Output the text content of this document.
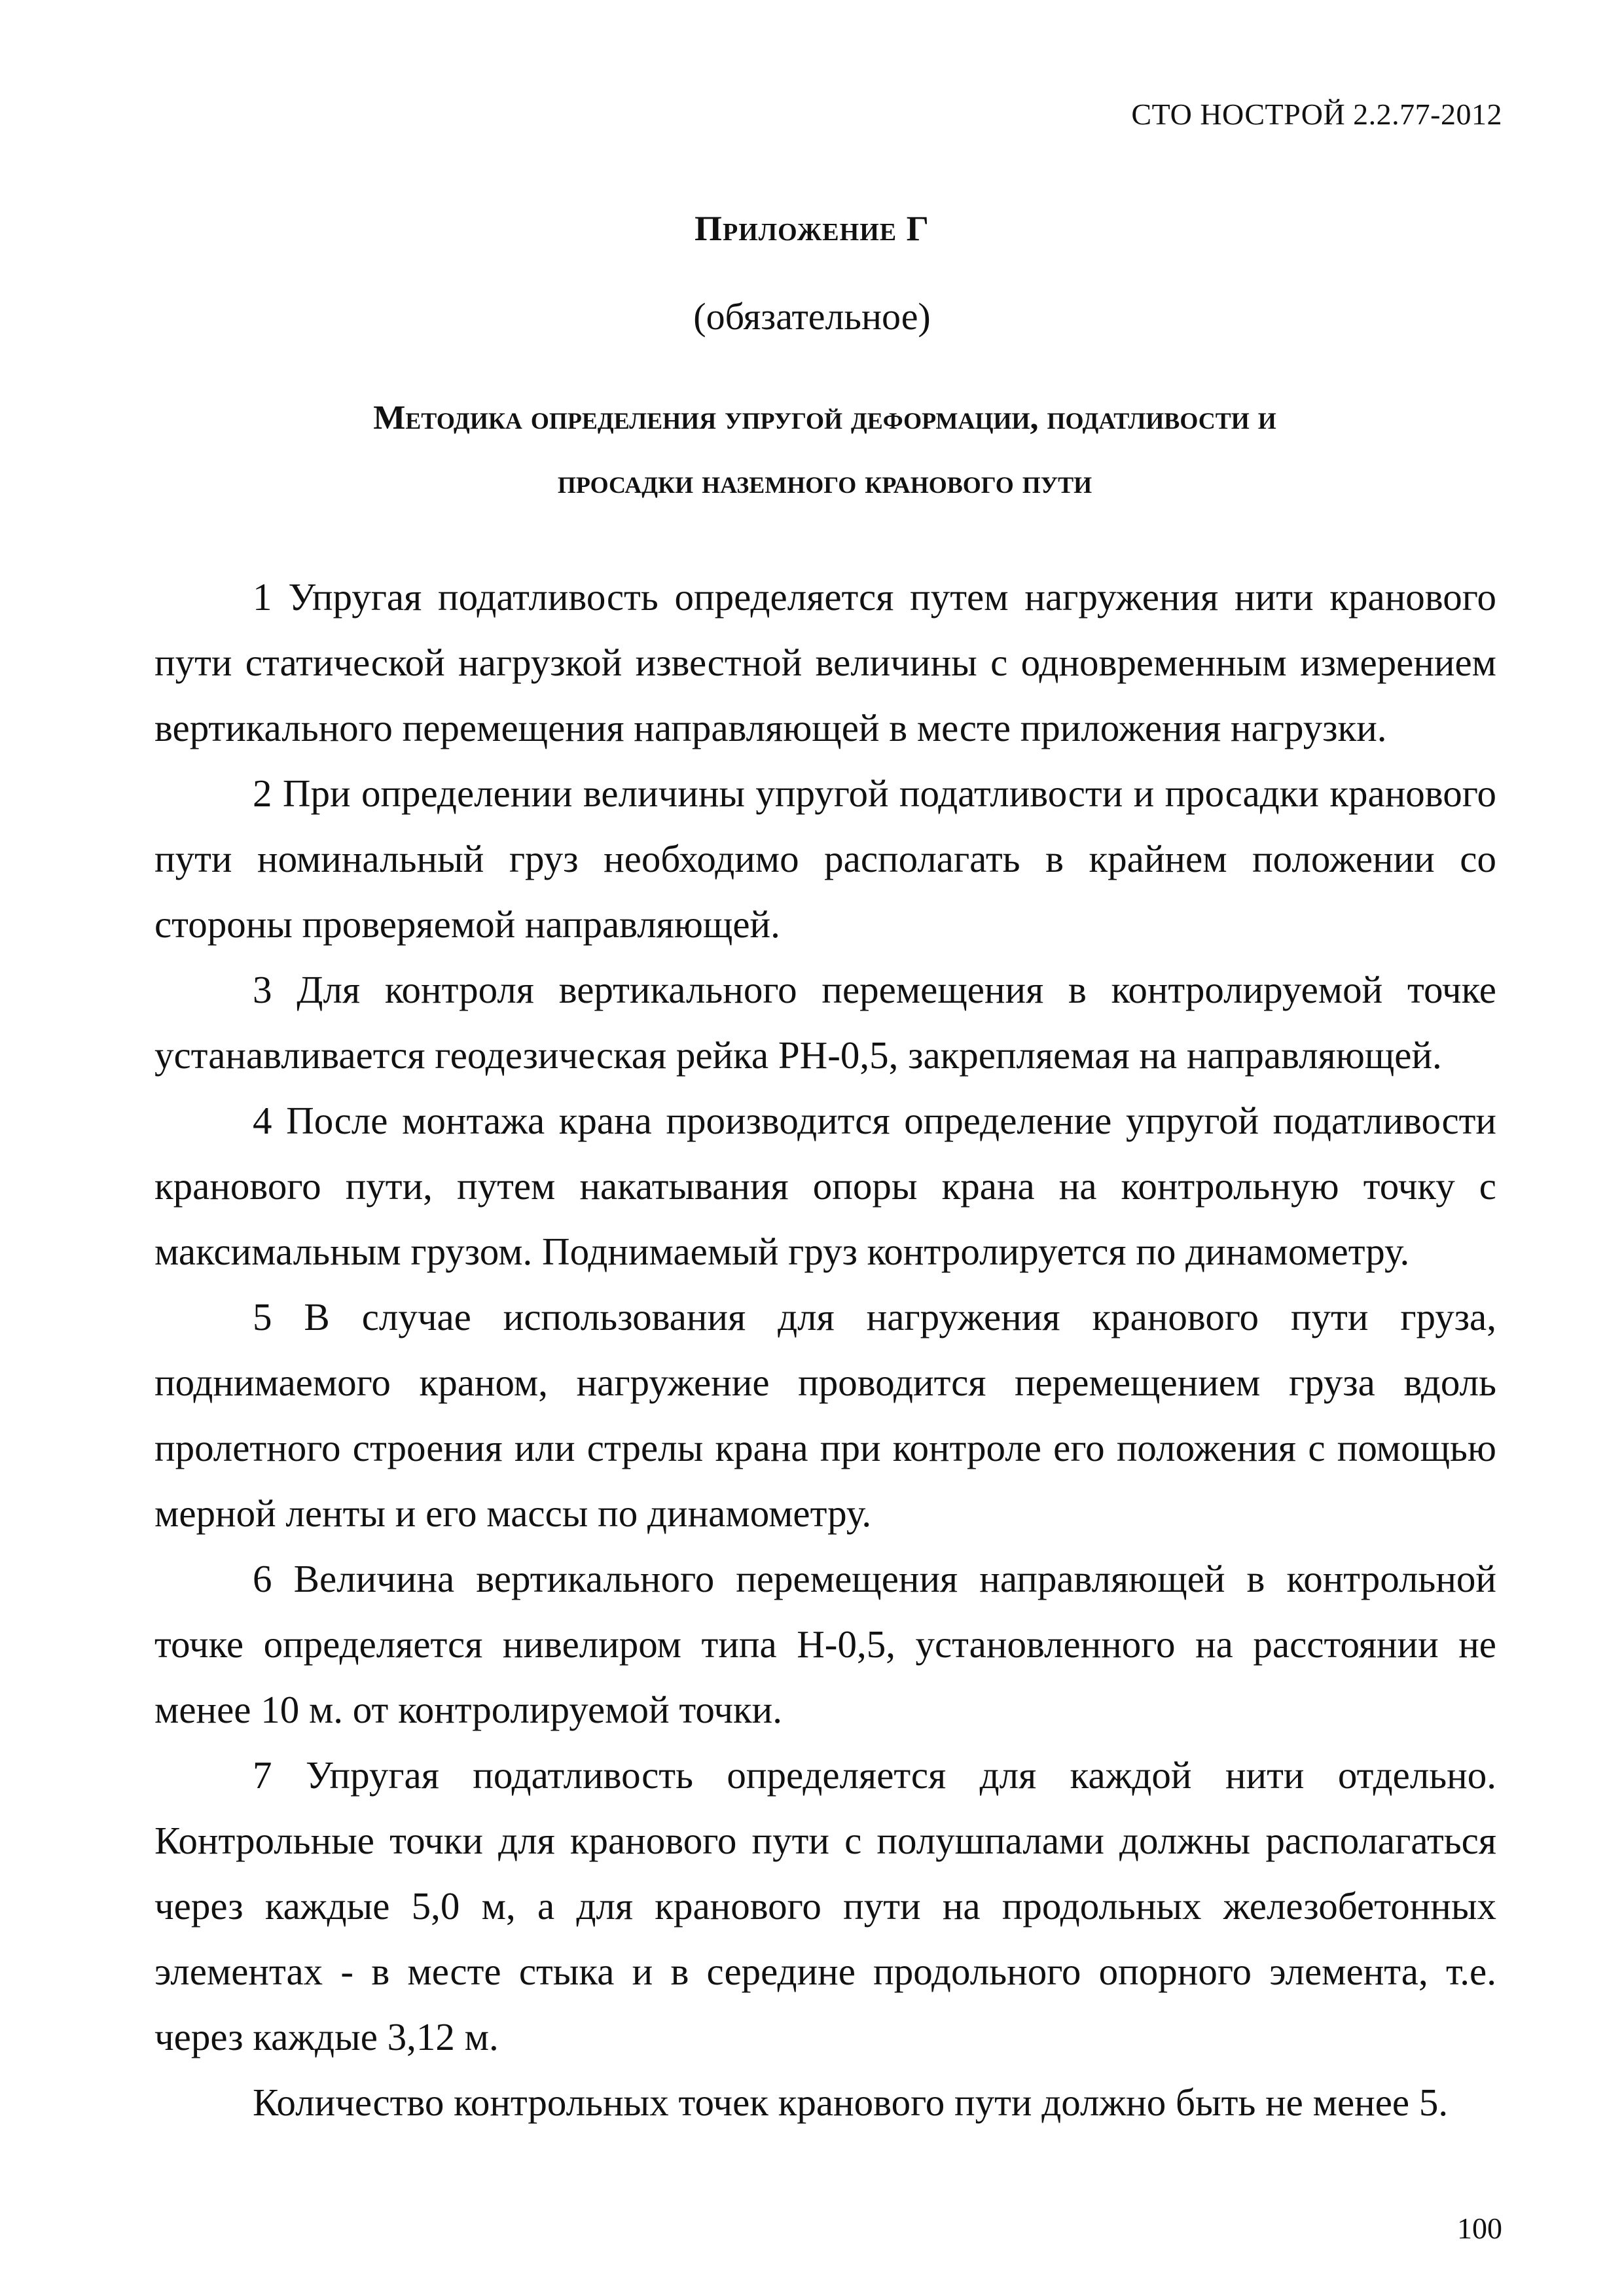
СТО НОСТРОЙ 2.2.77-2012
Приложение Г
(обязательное)
Методика определения упругой деформации, податливости и
просадки наземного кранового пути

1 Упругая податливость определяется путем нагружения нити кранового пути статической нагрузкой известной величины с одновременным измерением вертикального перемещения направляющей в месте приложения нагрузки.

2 При определении величины упругой податливости и просадки кранового пути номинальный груз необходимо располагать в крайнем положении со стороны проверяемой направляющей.

3 Для контроля вертикального перемещения в контролируемой точке устанавливается геодезическая рейка РН-0,5, закрепляемая на направляющей.

4 После монтажа крана производится определение упругой податливости кранового пути, путем накатывания опоры крана на контрольную точку с максимальным грузом. Поднимаемый груз контролируется по динамометру.

5 В случае использования для нагружения кранового пути груза, поднимаемого краном, нагружение проводится перемещением груза вдоль пролетного строения или стрелы крана при контроле его положения с помощью мерной ленты и его массы по динамометру.

6 Величина вертикального перемещения направляющей в контрольной точке определяется нивелиром типа Н-0,5, установленного на расстоянии не менее 10 м. от контролируемой точки.

7 Упругая податливость определяется для каждой нити отдельно. Контрольные точки для кранового пути с полушпалами должны располагаться через каждые 5,0 м, а для кранового пути на продольных железобетонных элементах - в месте стыка и в середине продольного опорного элемента, т.е. через каждые 3,12 м.

Количество контрольных точек кранового пути должно быть не менее 5.

100
